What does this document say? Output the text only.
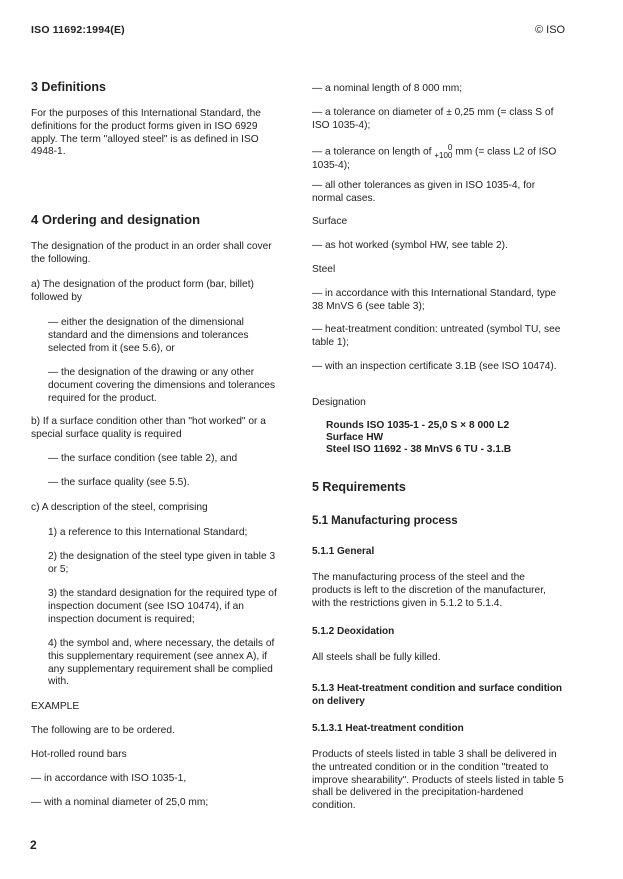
ISO 11692:1994(E)	© ISO

3 Definitions

For the purposes of this International Standard, the definitions for the product forms given in ISO 6929 apply. The term "alloyed steel" is as defined in ISO 4948-1.

4 Ordering and designation

The designation of the product in an order shall cover the following.

a) The designation of the product form (bar, billet) followed by

— either the designation of the dimensional standard and the dimensions and tolerances selected from it (see 5.6), or

— the designation of the drawing or any other document covering the dimensions and tolerances required for the product.

b) If a surface condition other than "hot worked" or a special surface quality is required

— the surface condition (see table 2), and

— the surface quality (see 5.5).

c) A description of the steel, comprising

1) a reference to this International Standard;

2) the designation of the steel type given in table 3 or 5;

3) the standard designation for the required type of inspection document (see ISO 10474), if an inspection document is required;

4) the symbol and, where necessary, the details of this supplementary requirement (see annex A), if any supplementary requirement shall be complied with.

EXAMPLE

The following are to be ordered.

Hot-rolled round bars

— in accordance with ISO 1035-1,

— with a nominal diameter of 25,0 mm;

— a nominal length of 8 000 mm;

— a tolerance on diameter of ± 0,25 mm (= class S of ISO 1035-4);

— a tolerance on length of	0
+100 mm (= class L2 of ISO 1035-4);

— all other tolerances as given in ISO 1035-4, for normal cases.

Surface

— as hot worked (symbol HW, see table 2).

Steel

— in accordance with this International Standard, type 38 MnVS 6 (see table 3);

— heat-treatment condition: untreated (symbol TU, see table 1);

— with an inspection certificate 3.1B (see ISO 10474).

Designation

Rounds ISO 1035-1 - 25,0 S × 8 000 L2

Surface HW

Steel ISO 11692 - 38 MnVS 6 TU - 3.1.B

5 Requirements

5.1 Manufacturing process

5.1.1 General

The manufacturing process of the steel and the products is left to the discretion of the manufacturer, with the restrictions given in 5.1.2 to 5.1.4.

5.1.2 Deoxidation

All steels shall be fully killed.

5.1.3 Heat-treatment condition and surface condition on delivery

5.1.3.1 Heat-treatment condition

Products of steels listed in table 3 shall be delivered in the untreated condition or in the condition "treated to improve shearability". Products of steels listed in table 5 shall be delivered in the precipitation-hardened condition.

2
